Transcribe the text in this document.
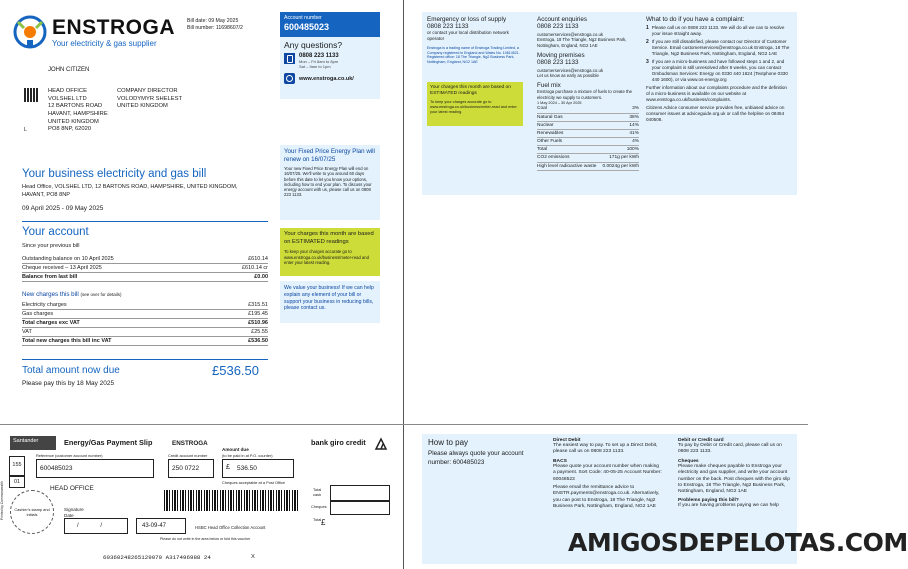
ENSTROGA
Your electricity & gas supplier
Bill date: 09 May 2025
Bill number: 11698607/2
Account number
600485023
Any questions?
0808 223 1133
Mon – Fri 8am to 8pm
Sat – 9am to 1pm
www.enstroga.co.uk/
JOHN CITIZEN
HEAD OFFICE
VOLSHEL LTD
12 BARTONS ROAD
HAVANT, HAMPSHIRE
UNITED KINGDOM
PO8 8NP, 62020
COMPANY DIRECTOR
VOLODYMYR SHELEST
UNITED KINGDOM
L
Your Fixed Price Energy Plan will renew on 16/07/25
Your new Fixed Price Energy Plan will end on 16/07/25. We'll write to you around 60 days before this date to let you know your options, including how to end your plan. To discuss your energy account with us, please call us on 0808 223 1133.
Your business electricity and gas bill
Head Office, VOLSHEL LTD, 12 BARTONS ROAD, HAMPSHIRE, UNITED KINGDOM, HAVANT, PO8 8NP
09 April 2025 - 09 May 2025
Your account
Since your previous bill
Outstanding balance on 10 April 2025	£610.14
Cheque received – 13 April 2025	£610.14 cr
Balance from last bill	£0.00
New charges this bill (see over for details)
Electricity charges	£315.51
Gas charges	£195.45
Total charges exc VAT	£510.96
VAT	£25.55
Total new charges this bill inc VAT	£536.50
Total amount now due	£536.50
Please pay this by 18 May 2025
Your charges this month are based on ESTIMATED readings
To keep your charges accurate go to www.enstroga.co.uk/business/meter-read and enter your latest reading.
We value your business! If we can help explain any element of your bill or support your business in reducing bills, please contact us.
Emergency or loss of supply
0808 223 1133
or contact your local distribution network operator
Enstroga is a trading name of Enstroga Trading Limited, a Company registered in England and Wales No. 10614521. Registered office: 18 The Triangle, Ng2 Business Park, Nottingham, England, NG2 1AE
Your charges this month are based on ESTIMATED readings
To keep your charges accurate go to www.enstroga.co.uk/business/meter-read and enter your latest reading.
Account enquiries
0808 223 1133
customerservices@enstroga.co.uk
Enstroga, 18 The Triangle, Ng2 Business Park, Nottingham, England, NG2 1AE
Moving premises
0808 223 1133
customerservices@enstroga.co.uk
Let us know as early as possible
Fuel mix
Enstroga purchase a mixture of fuels to create the electricity we supply to customers.
1 May 2024 – 30 Apr 2025
Coal	3%
Natural Gas	38%
Nuclear	14%
Renewables	41%
Other Fuels	4%
Total	100%
CO2 emissions	171g per kWh
High level radioactive waste 0.0024g per kWh
What to do if you have a complaint:
1 Please call us on 0808 223 1133. We will do all we can to resolve your issue straight away.
2 If you are still dissatisfied, please contact our Director of Customer Service. Email customerservices@enstroga.co.uk Enstroga, 18 The Triangle, Ng2 Business Park, Nottingham, England, NG2 1AE
3 If you are a micro-business and have followed steps 1 and 2, and your complaint is still unresolved after 8 weeks, you can contact Ombudsman Services: Energy on 0330 440 1624 (Textphone 0330 440 1600), or via www.os-energy.org
Further information about our complaints procedure and the definition of a micro-business is available on our website at www.enstroga.co.uk/business/complaints.
Citizens Advice consumer service provides free, unbiased advice on consumer issues at adviceguide.org.uk or call the helpline on 08454 040506.
Santander	Energy/Gas Payment Slip	ENSTROGA	bank giro credit
Reference (customer account number)
600485023
155
01
Credit account number
250 0722
Amount due
(to be paid in at P.O. counter)
£	536.50
Cheques acceptable at a Post Office
HEAD OFFICE
Printed by Commonwealth	Cashier's stamp and initials
Signature
Date
/ /	43-09-47	HSBC Head Office Collection Account
Please do not write in the area below or fold this voucher
Total cash
Cheques
Total £
60360248265129070 A317496988 24	X
How to pay
Please always quote your account number: 600485023
Direct Debit
The easiest way to pay. To set up a Direct Debit, please call us on 0808 223 1133.
BACS
Please quote your account number when making a payment. Sort Code: 40-05-25 Account Number: 60048523
Please email the remittance advice to ENSTR.payments@enstroga.co.uk. Alternatively, you can post to Enstroga, 18 The Triangle, Ng2 Business Park, Nottingham, England, NG2 1AE
Debit or Credit card
To pay by Debit or Credit card, please call us on 0808 223 1133.
Cheques
Please make cheques payable to Enstroga your electricity and gas supplier, and write your account number on the back. Post cheques with the giro slip to Enstroga, 18 The Triangle, Ng2 Business Park, Nottingham, England, NG2 1AE
Problems paying this bill?
If you are having problems paying we can help
AMIGOSDEPELOTAS.COM
